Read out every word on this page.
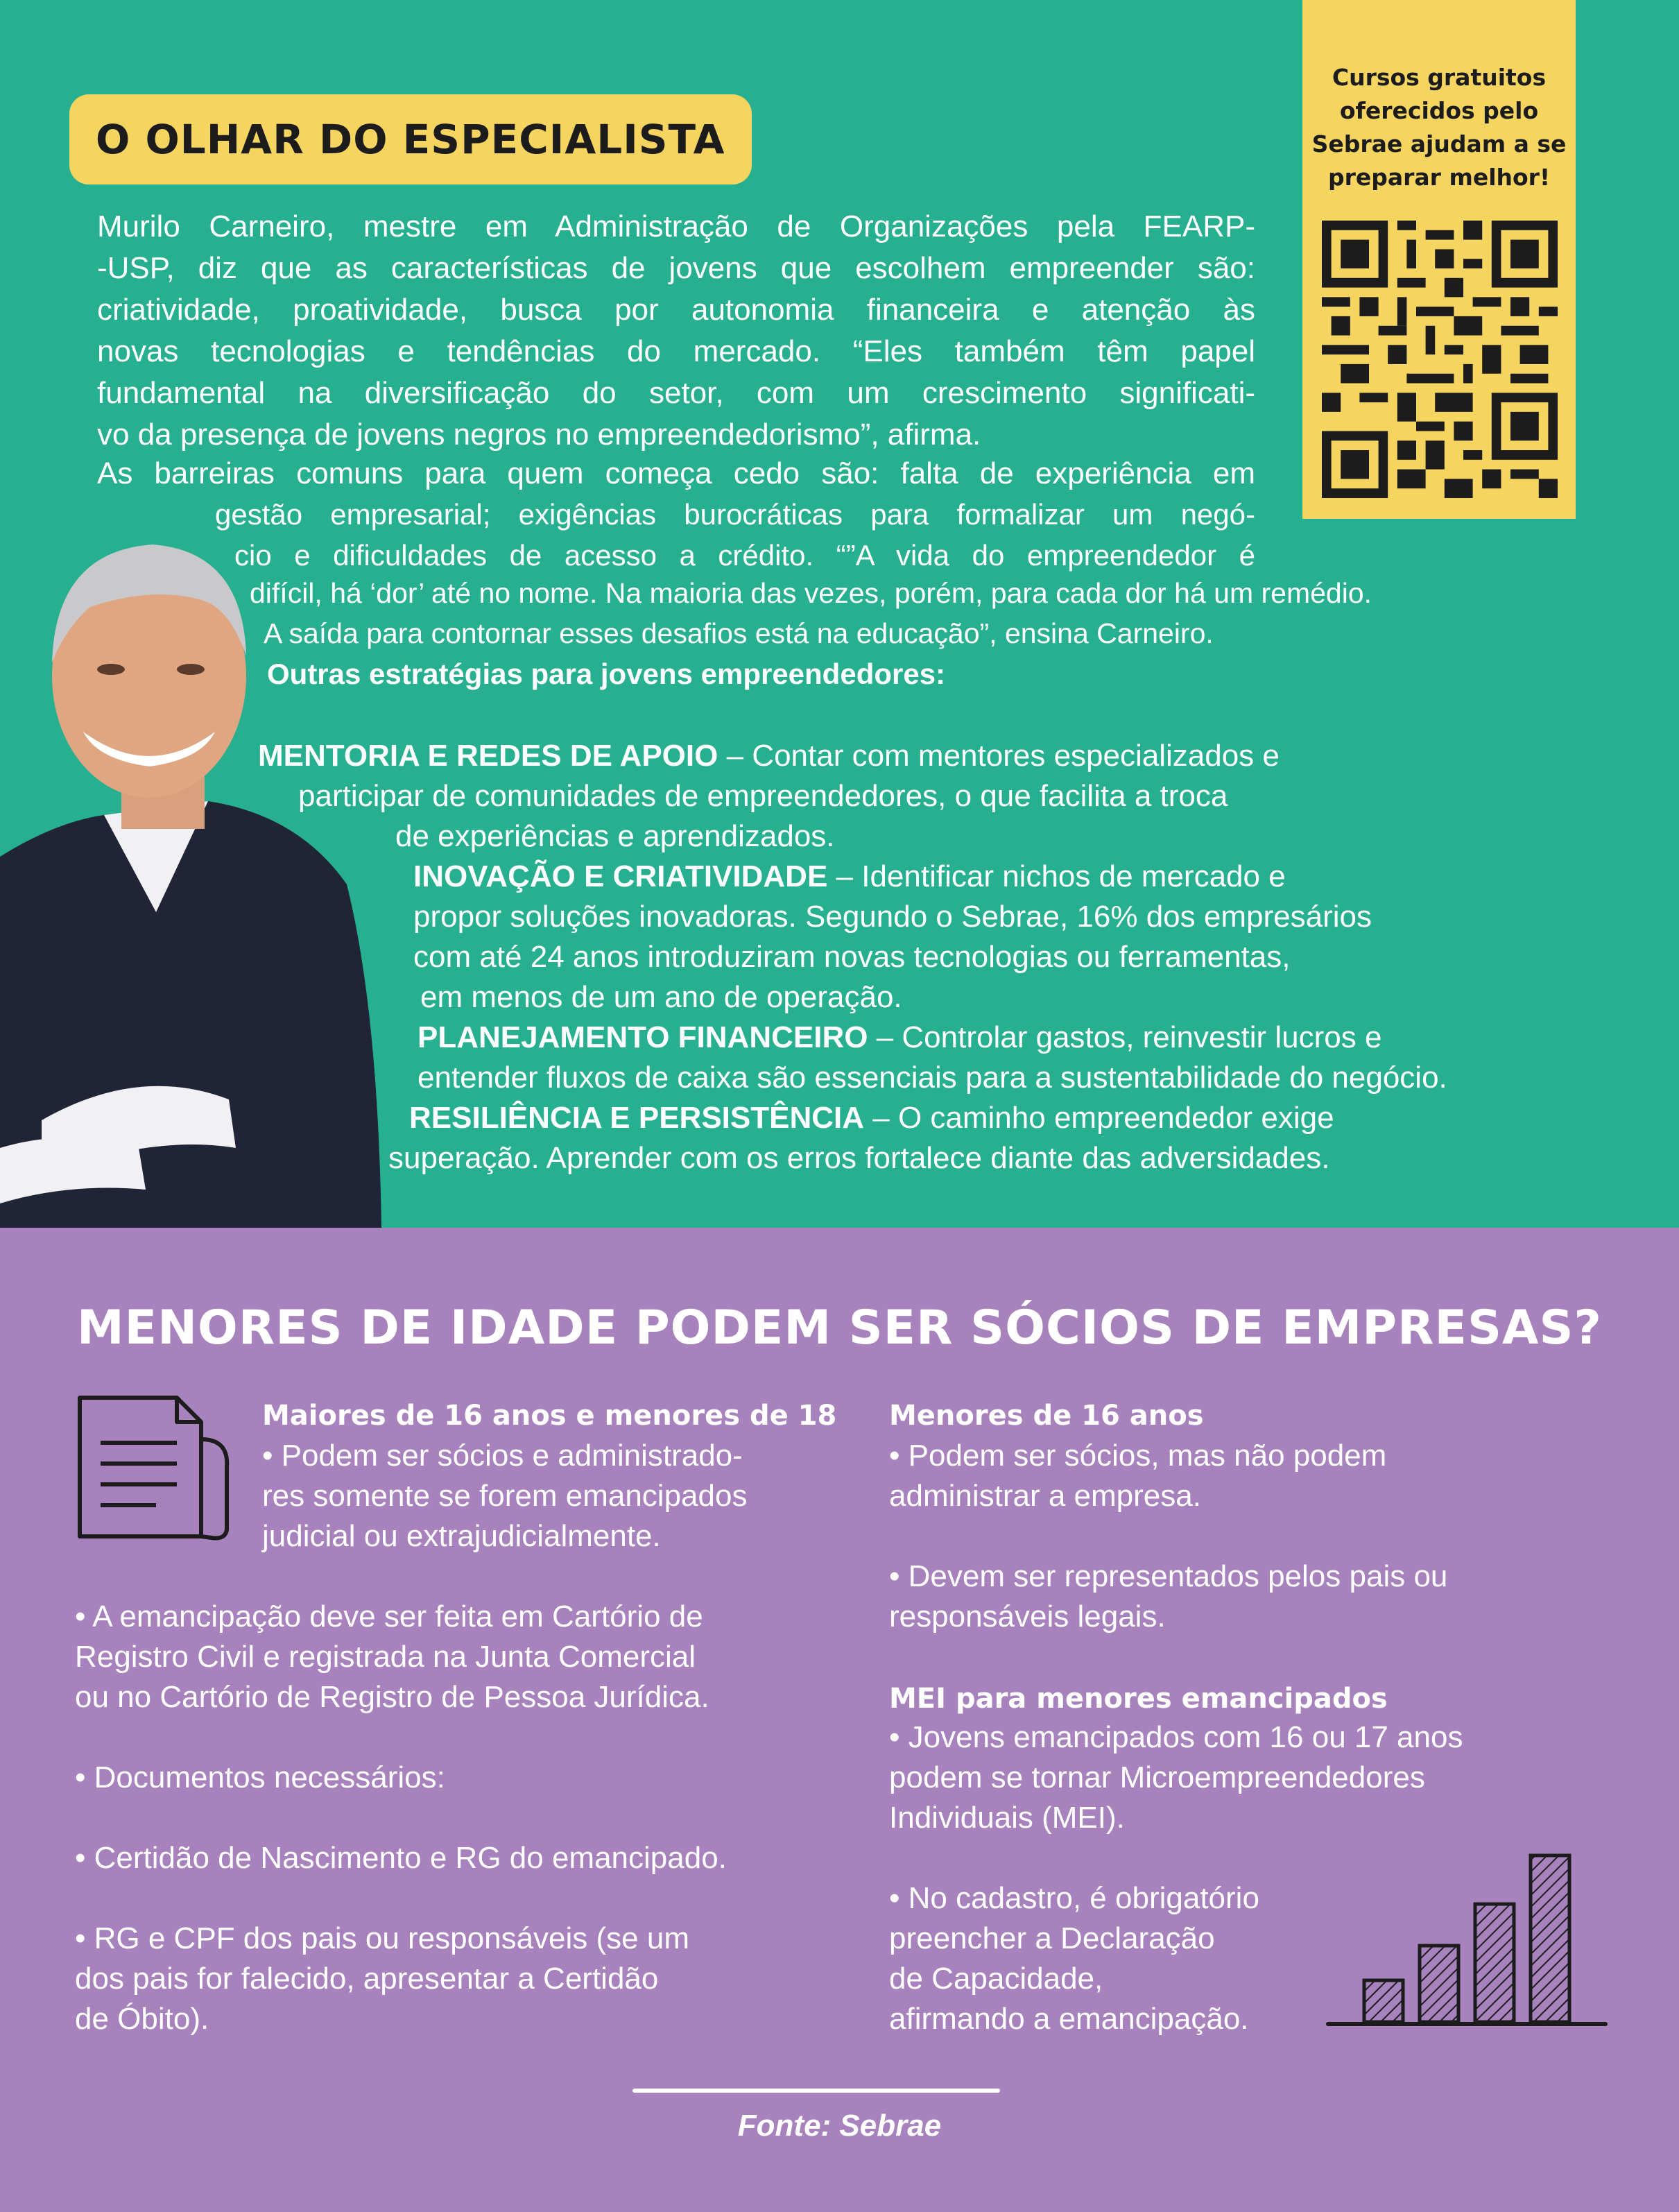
O OLHAR DO ESPECIALISTA
Cursos gratuitos
oferecidos pelo
Sebrae ajudam a se
preparar melhor!
Murilo Carneiro, mestre em Administração de Organizações pela FEARP-
-USP, diz que as características de jovens que escolhem empreender são:
criatividade, proatividade, busca por autonomia financeira e atenção às
novas tecnologias e tendências do mercado. “Eles também têm papel
fundamental na diversificação do setor, com um crescimento significati-
vo da presença de jovens negros no empreendedorismo”, afirma.
As barreiras comuns para quem começa cedo são: falta de experiência em
gestão empresarial; exigências burocráticas para formalizar um negó-
cio e dificuldades de acesso a crédito. “”A vida do empreendedor é
difícil, há ‘dor’ até no nome. Na maioria das vezes, porém, para cada dor há um remédio.
A saída para contornar esses desafios está na educação”, ensina Carneiro.
Outras estratégias para jovens empreendedores:
MENTORIA E REDES DE APOIO – Contar com mentores especializados e
participar de comunidades de empreendedores, o que facilita a troca
de experiências e aprendizados.
INOVAÇÃO E CRIATIVIDADE – Identificar nichos de mercado e
propor soluções inovadoras. Segundo o Sebrae, 16% dos empresários
com até 24 anos introduziram novas tecnologias ou ferramentas,
em menos de um ano de operação.
PLANEJAMENTO FINANCEIRO – Controlar gastos, reinvestir lucros e
entender fluxos de caixa são essenciais para a sustentabilidade do negócio.
RESILIÊNCIA E PERSISTÊNCIA – O caminho empreendedor exige
superação. Aprender com os erros fortalece diante das adversidades.
MENORES DE IDADE PODEM SER SÓCIOS DE EMPRESAS?
Maiores de 16 anos e menores de 18
• Podem ser sócios e administrado-
res somente se forem emancipados
judicial ou extrajudicialmente.
• A emancipação deve ser feita em Cartório de
Registro Civil e registrada na Junta Comercial
ou no Cartório de Registro de Pessoa Jurídica.
• Documentos necessários:
• Certidão de Nascimento e RG do emancipado.
• RG e CPF dos pais ou responsáveis (se um
dos pais for falecido, apresentar a Certidão
de Óbito).
Menores de 16 anos
• Podem ser sócios, mas não podem
administrar a empresa.
• Devem ser representados pelos pais ou
responsáveis legais.
MEI para menores emancipados
• Jovens emancipados com 16 ou 17 anos
podem se tornar Microempreendedores
Individuais (MEI).
• No cadastro, é obrigatório
preencher a Declaração
de Capacidade,
afirmando a emancipação.
Fonte: Sebrae
